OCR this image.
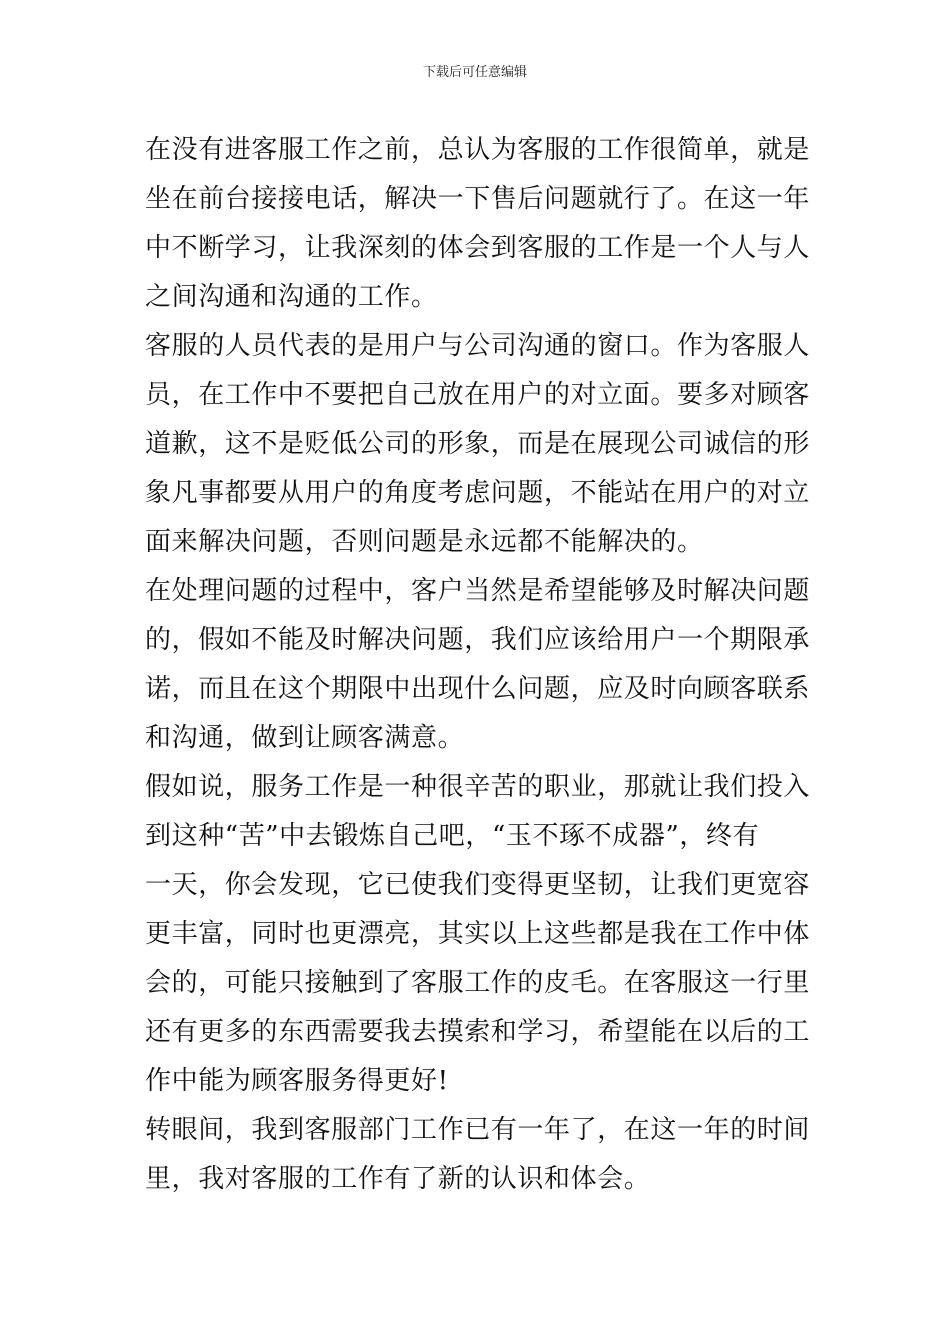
下载后可任意编辑
在没有进客服工作之前，总认为客服的工作很简单，就是
坐在前台接接电话，解决一下售后问题就行了。在这一年
中不断学习，让我深刻的体会到客服的工作是一个人与人
之间沟通和沟通的工作。
客服的人员代表的是用户与公司沟通的窗口。作为客服人
员，在工作中不要把自己放在用户的对立面。要多对顾客
道歉，这不是贬低公司的形象，而是在展现公司诚信的形
象凡事都要从用户的角度考虑问题，不能站在用户的对立
面来解决问题，否则问题是永远都不能解决的。
在处理问题的过程中，客户当然是希望能够及时解决问题
的，假如不能及时解决问题，我们应该给用户一个期限承
诺，而且在这个期限中出现什么问题，应及时向顾客联系
和沟通，做到让顾客满意。
假如说，服务工作是一种很辛苦的职业，那就让我们投入
到这种“苦”中去锻炼自己吧，“玉不琢不成器”，终有
一天，你会发现，它已使我们变得更坚韧，让我们更宽容
更丰富，同时也更漂亮，其实以上这些都是我在工作中体
会的，可能只接触到了客服工作的皮毛。在客服这一行里
还有更多的东西需要我去摸索和学习，希望能在以后的工
作中能为顾客服务得更好!
转眼间，我到客服部门工作已有一年了，在这一年的时间
里，我对客服的工作有了新的认识和体会。
